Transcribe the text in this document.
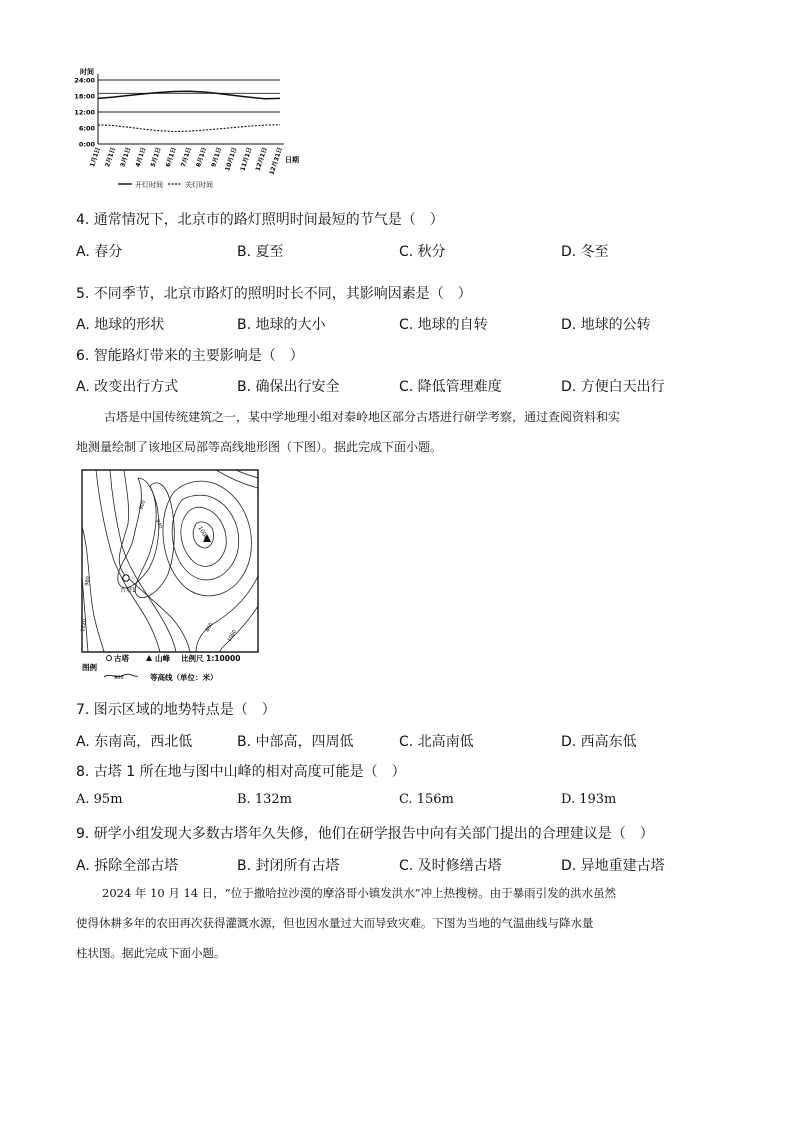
时间
0:00
6:00
12:00
18:00
24:00
1月1日 2月1日 3月1日 4月1日 5月1日 6月1日 7月1日 8月1日 9月1日 10月1日 11月1日 12月1日 12月31日 日期
开灯时间	关灯时间
4. 通常情况下，北京市的路灯照明时间最短的节气是（　）
A. 春分	B. 夏至	C. 秋分	D. 冬至
5. 不同季节，北京市路灯的照明时长不同，其影响因素是（　）
A. 地球的形状	B. 地球的大小	C. 地球的自转	D. 地球的公转
6. 智能路灯带来的主要影响是（　）
A. 改变出行方式	B. 确保出行安全	C. 降低管理难度	D. 方便白天出行
古塔是中国传统建筑之一，某中学地理小组对秦岭地区部分古塔进行研学考察，通过查阅资料和实
地测量绘制了该地区局部等高线地形图（下图）。据此完成下面小题。
古塔1
1000
900
940
980
1020
1060
860
图例
古塔	山峰 比例尺 1:10000
900	等高线（单位：米）
7. 图示区域的地势特点是（　）
A. 东南高，西北低	B. 中部高，四周低	C. 北高南低	D. 西高东低
8. 古塔 1 所在地与图中山峰的相对高度可能是（　）
A. 95m	B. 132m	C. 156m	D. 193m
9. 研学小组发现大多数古塔年久失修，他们在研学报告中向有关部门提出的合理建议是（　）
A. 拆除全部古塔	B. 封闭所有古塔	C. 及时修缮古塔	D. 异地重建古塔
2024 年 10 月 14 日，“位于撒哈拉沙漠的摩洛哥小镇发洪水”冲上热搜榜。由于暴雨引发的洪水虽然
使得休耕多年的农田再次获得灌溉水源，但也因水量过大而导致灾难。下图为当地的气温曲线与降水量
柱状图。据此完成下面小题。
